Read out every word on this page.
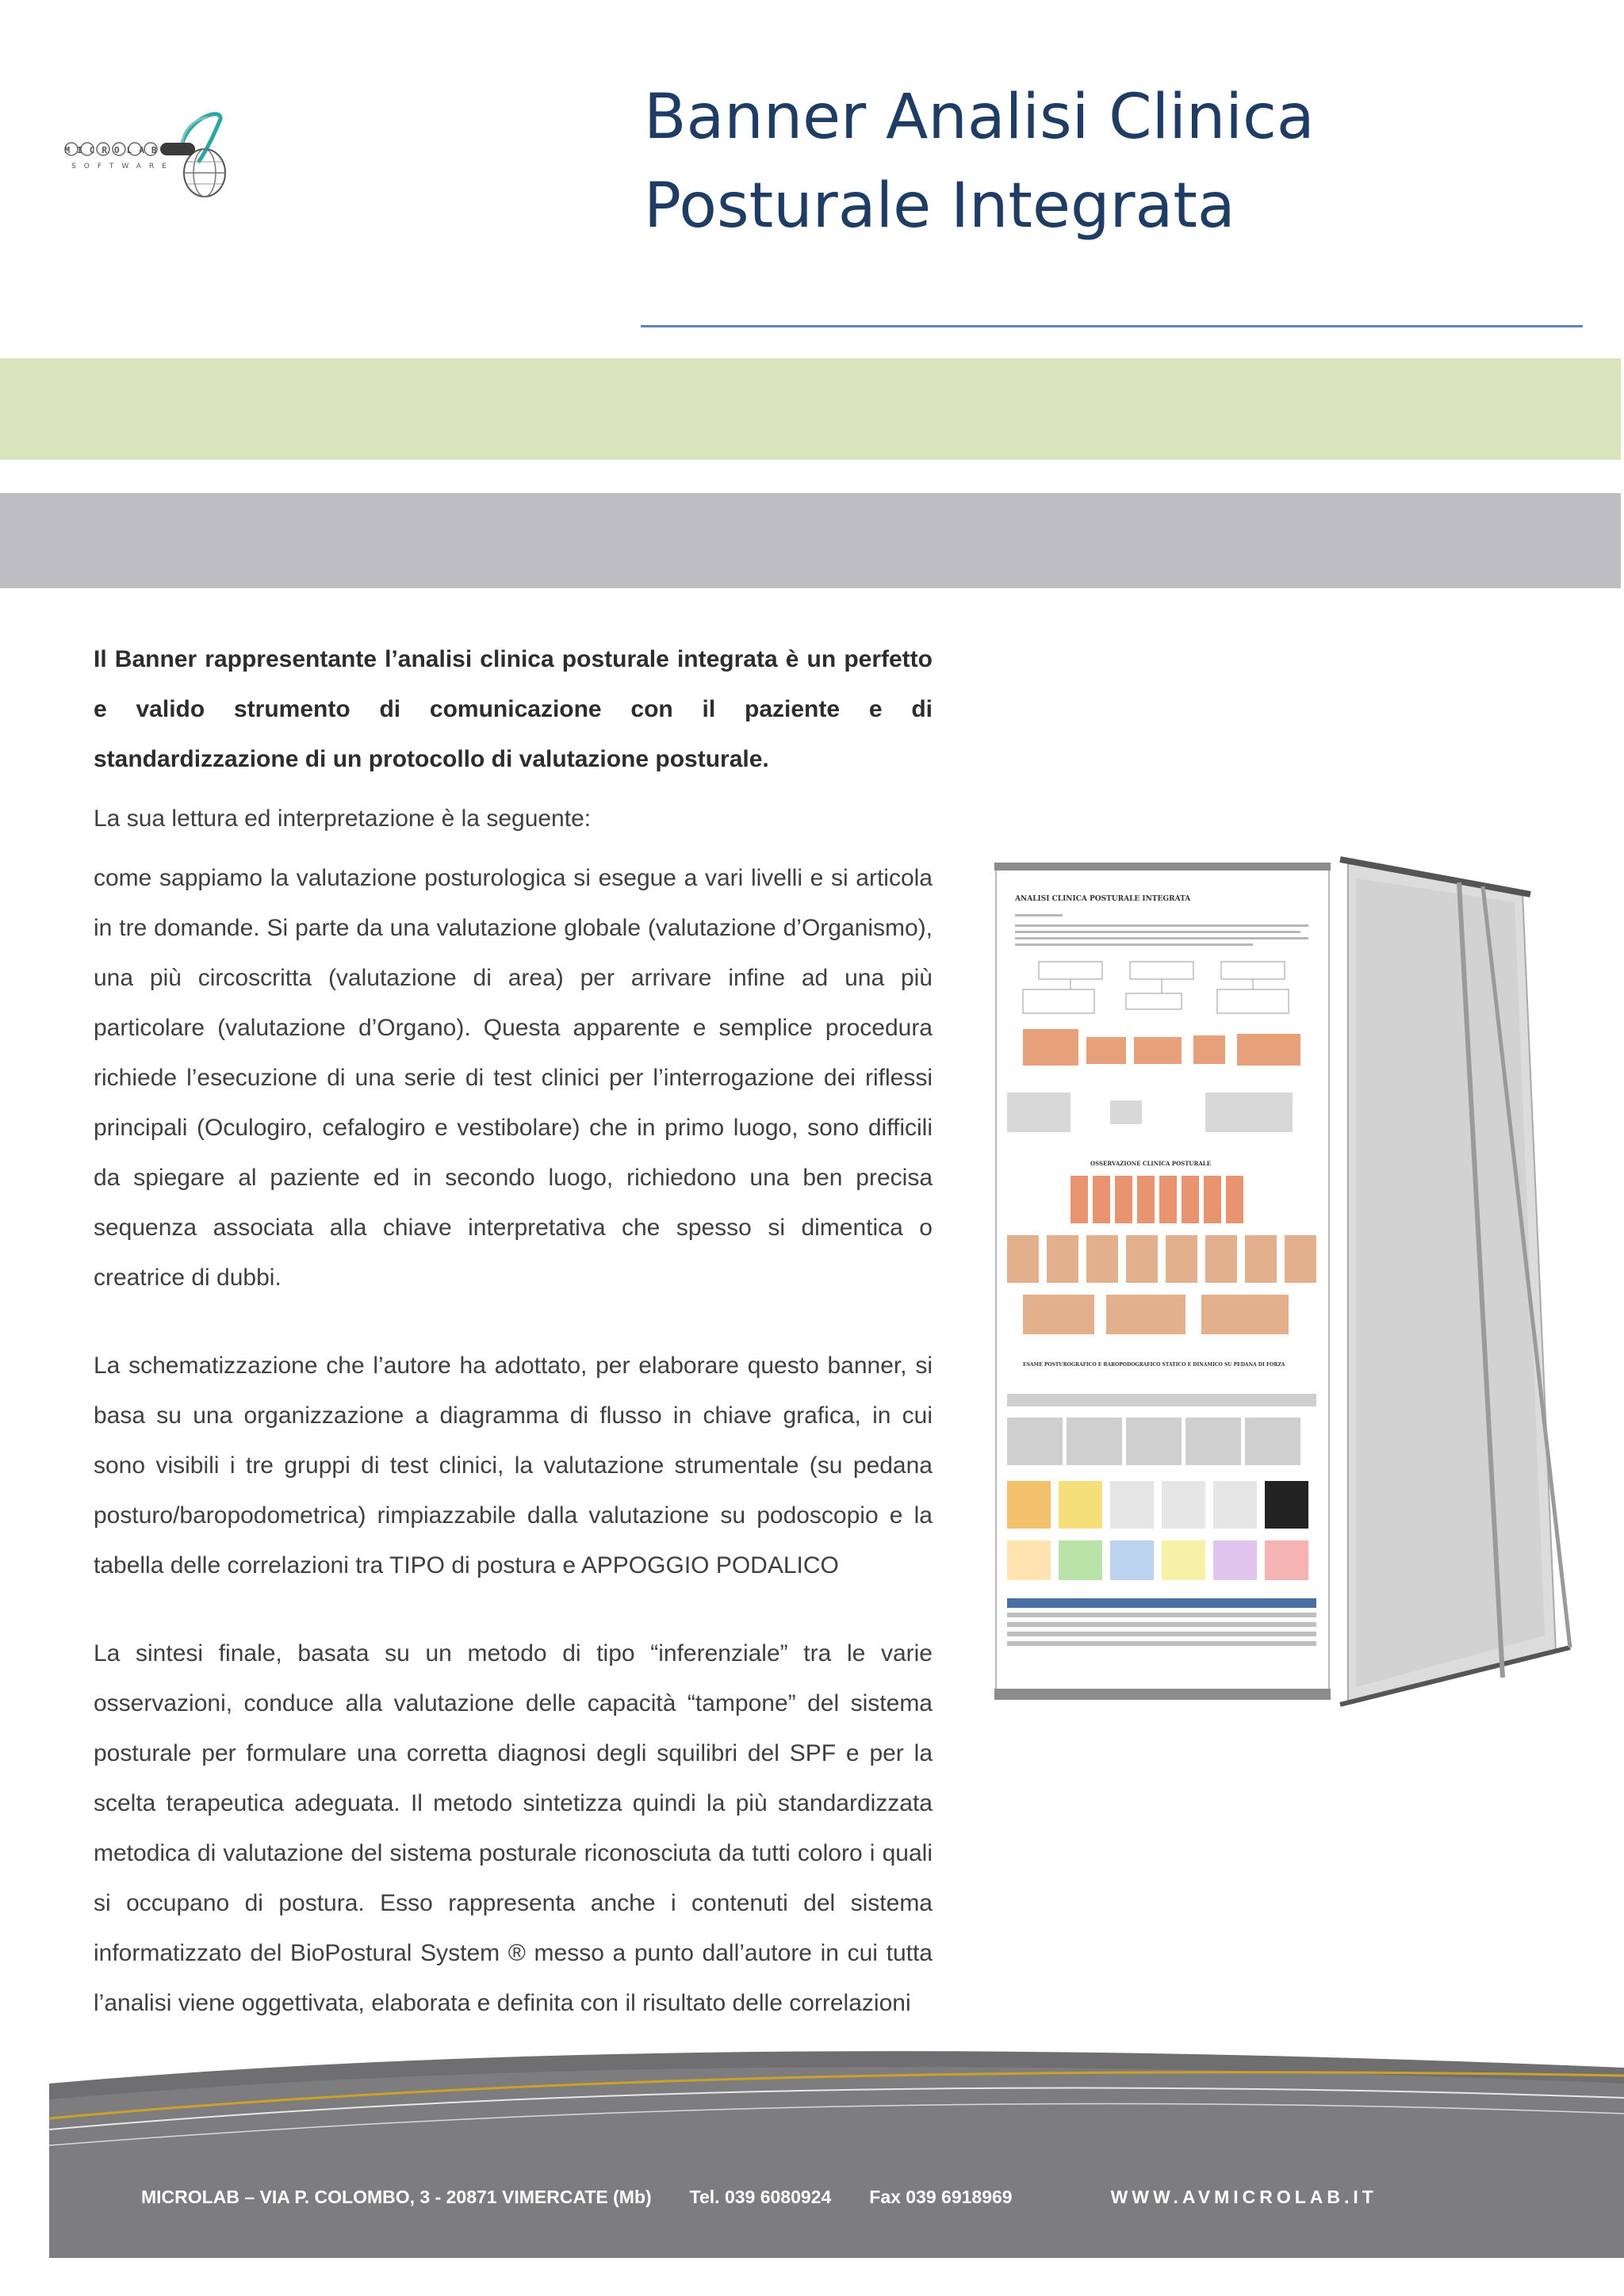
MICROLAB
SOFTWARE
Banner Analisi Clinica Posturale Integrata

Il Banner rappresentante l’analisi clinica posturale integrata è un perfetto e valido strumento di comunicazione con il paziente e di standardizzazione di un protocollo di valutazione posturale.

La sua lettura ed interpretazione è la seguente:

come sappiamo la valutazione posturologica si esegue a vari livelli e si articola in tre domande. Si parte da una valutazione globale (valutazione d’Organismo), una più circoscritta (valutazione di area) per arrivare infine ad una più particolare (valutazione d’Organo). Questa apparente e semplice procedura richiede l’esecuzione di una serie di test clinici per l’interrogazione dei riflessi principali (Oculogiro, cefalogiro e vestibolare) che in primo luogo, sono difficili da spiegare al paziente ed in secondo luogo, richiedono una ben precisa sequenza associata alla chiave interpretativa che spesso si dimentica o creatrice di dubbi.

La schematizzazione che l’autore ha adottato, per elaborare questo banner, si basa su una organizzazione a diagramma di flusso in chiave grafica, in cui sono visibili i tre gruppi di test clinici, la valutazione strumentale (su pedana posturo/baropodometrica) rimpiazzabile dalla valutazione su podoscopio e la tabella delle correlazioni tra TIPO di postura e APPOGGIO PODALICO

La sintesi finale, basata su un metodo di tipo “inferenziale” tra le varie osservazioni, conduce alla valutazione delle capacità “tampone” del sistema posturale per formulare una corretta diagnosi degli squilibri del SPF e per la scelta terapeutica adeguata. Il metodo sintetizza quindi la più standardizzata metodica di valutazione del sistema posturale riconosciuta da tutti coloro i quali si occupano di postura. Esso rappresenta anche i contenuti del sistema informatizzato del BioPostural System ® messo a punto dall’autore in cui tutta l’analisi viene oggettivata, elaborata e definita con il risultato delle correlazioni

ANALISI CLINICA POSTURALE INTEGRATA
OSSERVAZIONE CLINICA POSTURALE
ESAME POSTUROGRAFICO E BAROPODOGRAFICO STATICO E DINAMICO SU PEDANA DI FORZA
MICROLAB – VIA P. COLOMBO, 3 - 20871 VIMERCATE (Mb) Tel. 039 6080924 Fax 039 6918969	WWW.AVMICROLAB.IT
